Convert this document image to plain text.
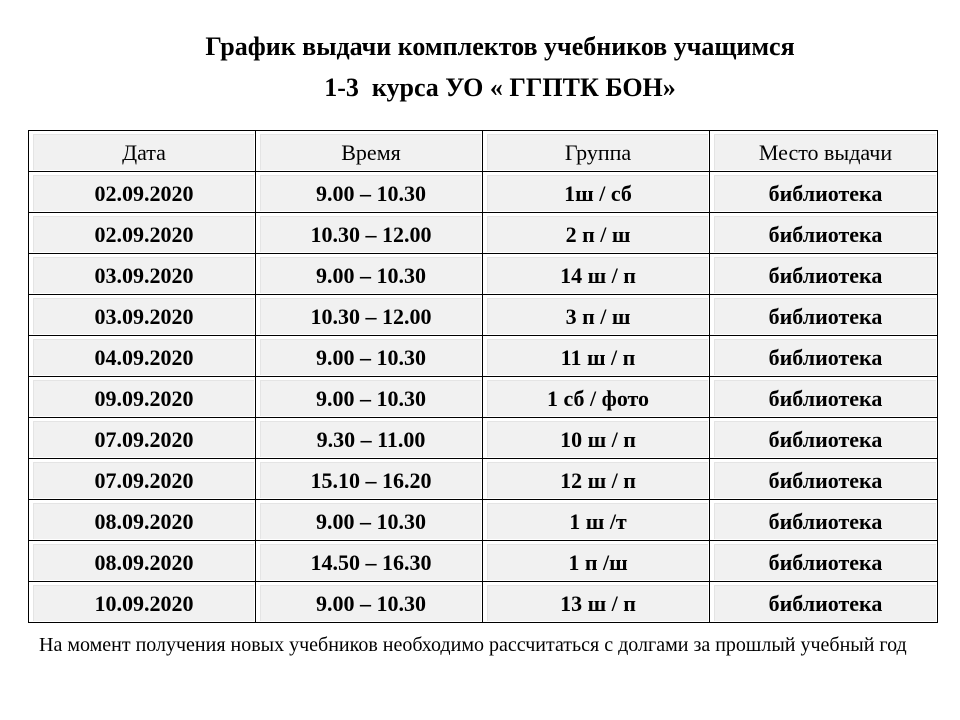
График выдачи комплектов учебников учащимся
1-3  курса УО « ГГПТК БОН»
Дата	Время	Группа	Место выдачи

02.09.2020	9.00 – 10.30	1ш / сб	библиотека

02.09.2020	10.30 – 12.00	2 п / ш	библиотека

03.09.2020	9.00 – 10.30	14 ш / п	библиотека

03.09.2020	10.30 – 12.00	3 п / ш	библиотека

04.09.2020	9.00 – 10.30	11 ш / п	библиотека

09.09.2020	9.00 – 10.30	1 сб / фото	библиотека

07.09.2020	9.30 – 11.00	10 ш / п	библиотека

07.09.2020	15.10 – 16.20	12 ш / п	библиотека

08.09.2020	9.00 – 10.30	1 ш /т	библиотека

08.09.2020	14.50 – 16.30	1 п /ш	библиотека

10.09.2020	9.00 – 10.30	13 ш / п	библиотека
На момент получения новых учебников необходимо рассчитаться с долгами за прошлый учебный год
